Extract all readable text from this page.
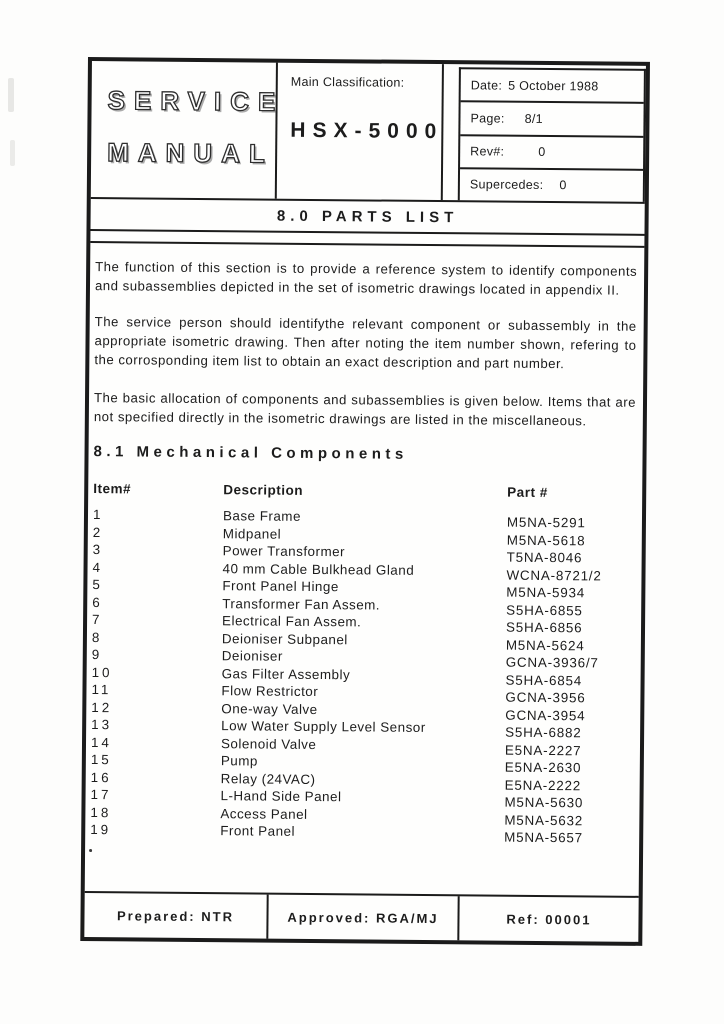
SERVICE
MANUAL
Main Classification:
HSX-5000
Date: 5 October 1988
Page: 8/1
Rev#:	0
Supercedes: 0
8.0 PARTS LIST

The function of this section is to provide a reference system to identify components and subassemblies depicted in the set of isometric drawings located in appendix II.

The service person should identifythe relevant component or subassembly in the appropriate isometric drawing. Then after noting the item number shown, refering to the corrosponding item list to obtain an exact description and part number.

The basic allocation of components and subassemblies is given below. Items that are not specified directly in the isometric drawings are listed in the miscellaneous.

8.1 Mechanical Components
Item#	Description	Part #
1	Base Frame	M5NA-5291
2	Midpanel	M5NA-5618
3	Power Transformer	T5NA-8046
4	40 mm Cable Bulkhead Gland	WCNA-8721/2
5	Front Panel Hinge	M5NA-5934
6	Transformer Fan Assem.	S5HA-6855
7	Electrical Fan Assem.	S5HA-6856
8	Deioniser Subpanel	M5NA-5624
9	Deioniser	GCNA-3936/7
10	Gas Filter Assembly	S5HA-6854
11	Flow Restrictor	GCNA-3956
12	One-way Valve	GCNA-3954
13	Low Water Supply Level Sensor	S5HA-6882
14	Solenoid Valve	E5NA-2227
15	Pump	E5NA-2630
16	Relay (24VAC)	E5NA-2222
17	L-Hand Side Panel	M5NA-5630
18	Access Panel	M5NA-5632
19	Front Panel	M5NA-5657
Prepared: NTR	Approved: RGA/MJ	Ref: 00001
